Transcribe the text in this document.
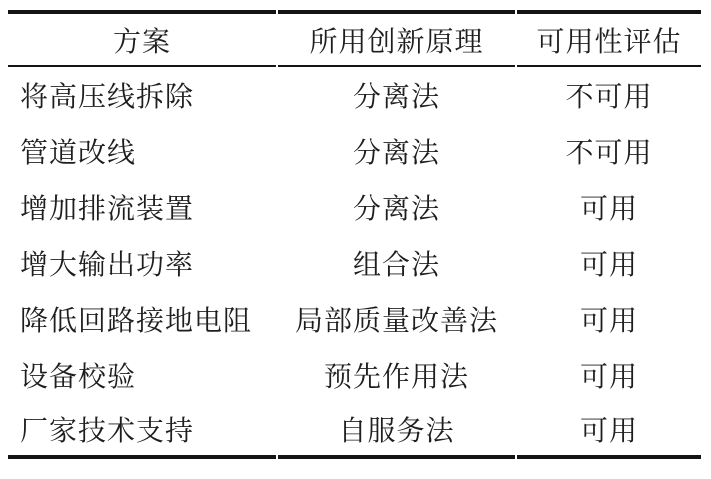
方案	所用创新原理	可用性评估
将高压线拆除	分离法	不可用
管道改线	分离法	不可用
增加排流装置	分离法	可用
增大输出功率	组合法	可用
降低回路接地电阻	局部质量改善法	可用
设备校验	预先作用法	可用
厂家技术支持	自服务法	可用
